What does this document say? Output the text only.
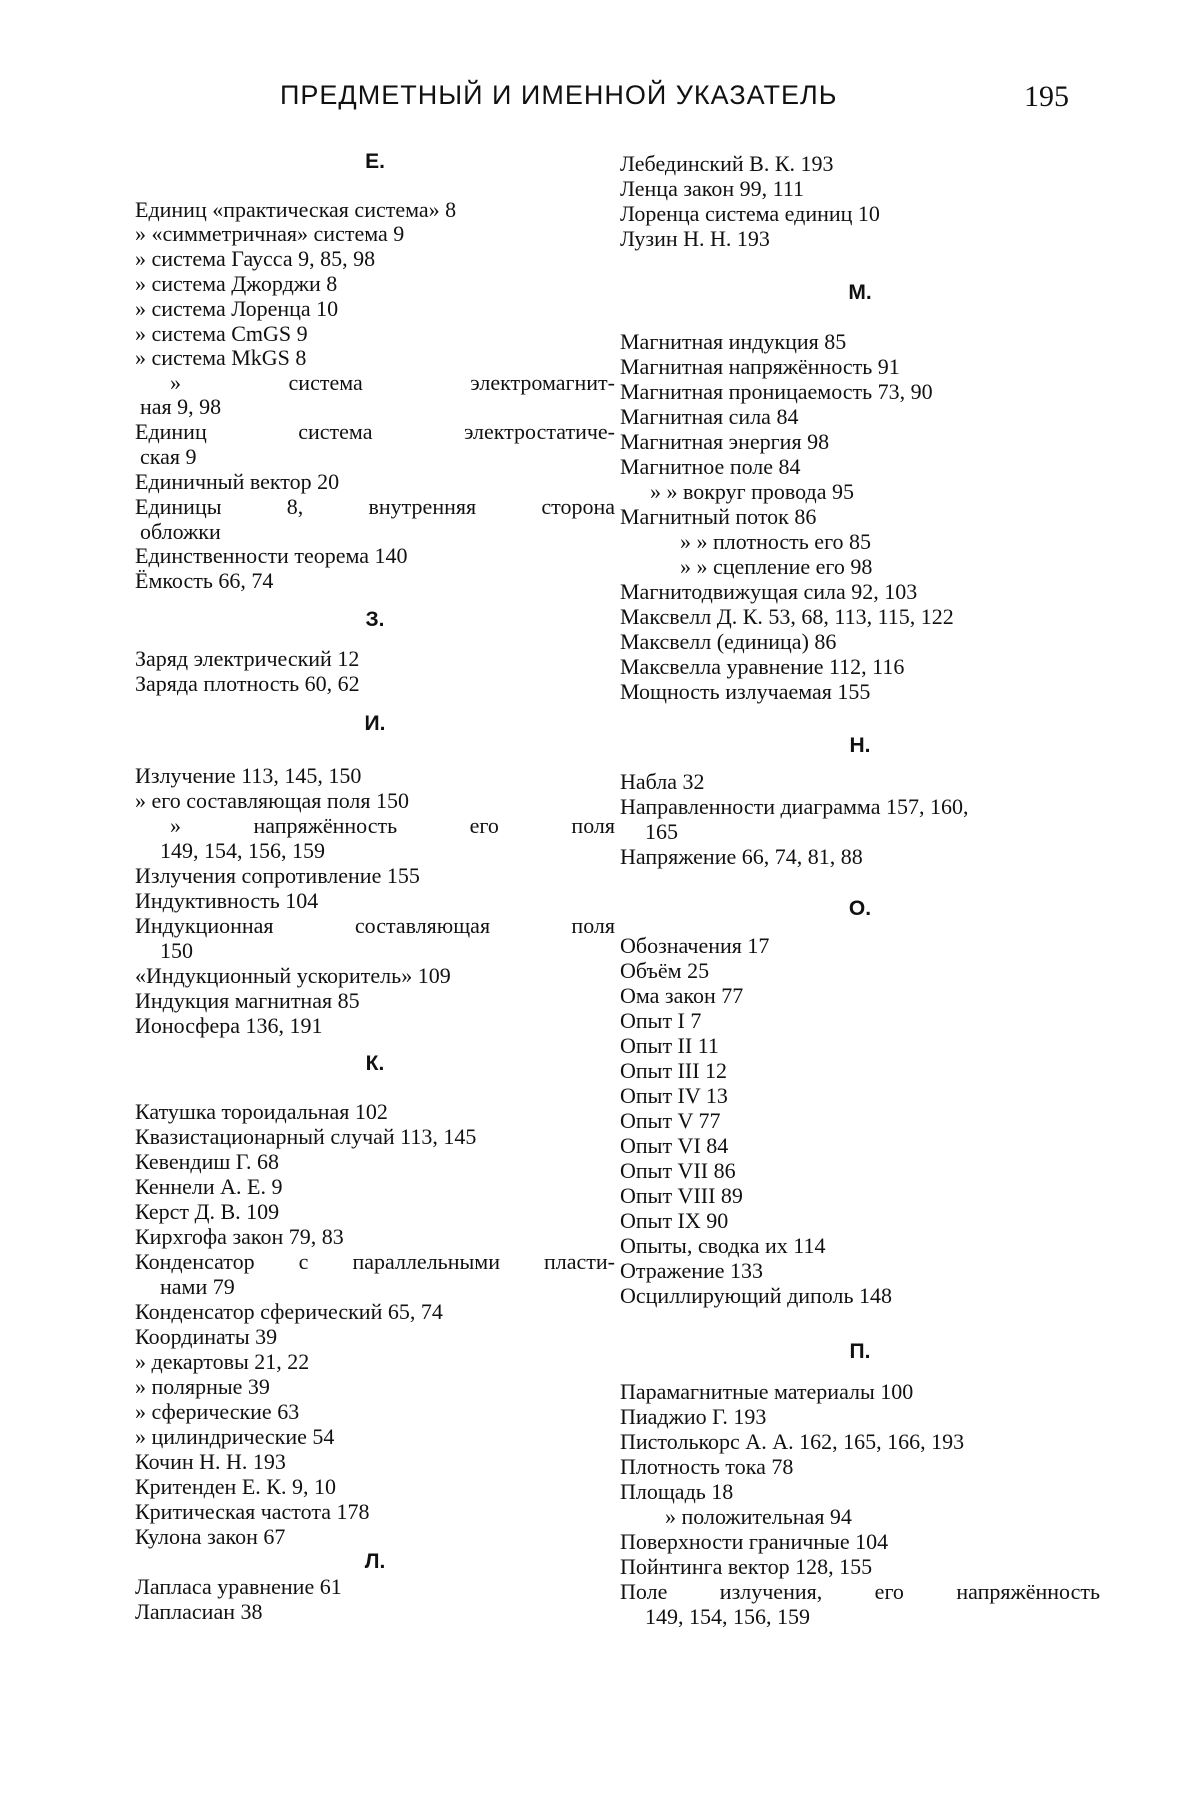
ПРЕДМЕТНЫЙ И ИМЕННОЙ УКАЗАТЕЛЬ	195
Е.
Единиц «практическая система» 8
» «симметричная» система 9
» система Гаусса 9, 85, 98
» система Джорджи 8
» система Лоренца 10
» система CmGS 9
» система MkGS 8
» система электромагнит-
ная 9, 98
Единиц система электростатиче-
ская 9
Единичный вектор 20
Единицы 8, внутренняя сторона
обложки
Единственности теорема 140
Ёмкость 66, 74
З.
Заряд электрический 12
Заряда плотность 60, 62
И.
Излучение 113, 145, 150
» его составляющая поля 150
» напряжённость его поля
149, 154, 156, 159
Излучения сопротивление 155
Индуктивность 104
Индукционная составляющая поля
150
«Индукционный ускоритель» 109
Индукция магнитная 85
Ионосфера 136, 191
К.
Катушка тороидальная 102
Квазистационарный случай 113, 145
Кевендиш Г. 68
Кеннели А. Е. 9
Керст Д. В. 109
Кирхгофа закон 79, 83
Конденсатор с параллельными пласти-
нами 79
Конденсатор сферический 65, 74
Координаты 39
» декартовы 21, 22
» полярные 39
» сферические 63
» цилиндрические 54
Кочин Н. Н. 193
Критенден Е. К. 9, 10
Критическая частота 178
Кулона закон 67
Л.
Лапласа уравнение 61
Лапласиан 38
Лебединский В. К. 193
Ленца закон 99, 111
Лоренца система единиц 10
Лузин Н. Н. 193
М.
Магнитная индукция 85
Магнитная напряжённость 91
Магнитная проницаемость 73, 90
Магнитная сила 84
Магнитная энергия 98
Магнитное поле 84
» » вокруг провода 95
Магнитный поток 86
» » плотность его 85
» » сцепление его 98
Магнитодвижущая сила 92, 103
Максвелл Д. К. 53, 68, 113, 115, 122
Максвелл (единица) 86
Максвелла уравнение 112, 116
Мощность излучаемая 155
Н.
Набла 32
Направленности диаграмма 157, 160,
165
Напряжение 66, 74, 81, 88
О.
Обозначения 17
Объём 25
Ома закон 77
Опыт I 7
Опыт II 11
Опыт III 12
Опыт IV 13
Опыт V 77
Опыт VI 84
Опыт VII 86
Опыт VIII 89
Опыт IX 90
Опыты, сводка их 114
Отражение 133
Осциллирующий диполь 148
П.
Парамагнитные материалы 100
Пиаджио Г. 193
Пистолькорс А. А. 162, 165, 166, 193
Плотность тока 78
Площадь 18
» положительная 94
Поверхности граничные 104
Пойнтинга вектор 128, 155
Поле излучения, его напряжённость
149, 154, 156, 159
